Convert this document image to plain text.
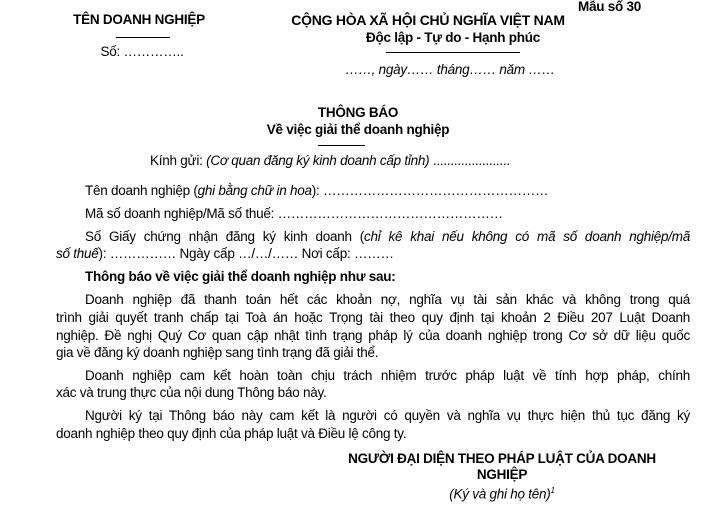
Mẫu số 30
TÊN DOANH NGHIỆP
Số: …………..
CỘNG HÒA XÃ HỘI CHỦ NGHĨA VIỆT NAM
Độc lập - Tự do - Hạnh phúc
……, ngày…… tháng…… năm ……
THÔNG BÁO
Về việc giải thể doanh nghiệp
Kính gửi: (Cơ quan đăng ký kinh doanh cấp tỉnh) ......................
Tên doanh nghiệp (ghi bằng chữ in hoa): ……………………………………………
Mã số doanh nghiệp/Mã số thuế: ……………………………………………
Số Giấy chứng nhận đăng ký kinh doanh (chỉ kê khai nếu không có mã số doanh nghiệp/mã
số thuế): …………… Ngày cấp …/…/…… Nơi cấp: ………
Thông báo về việc giải thể doanh nghiệp như sau:
Doanh nghiệp đã thanh toán hết các khoản nợ, nghĩa vụ tài sản khác và không trong quá
trình giải quyết tranh chấp tại Toà án hoặc Trọng tài theo quy định tại khoản 2 Điều 207 Luật Doanh
nghiệp. Đề nghị Quý Cơ quan cập nhật tình trạng pháp lý của doanh nghiệp trong Cơ sở dữ liệu quốc
gia về đăng ký doanh nghiệp sang tình trạng đã giải thể.
Doanh nghiệp cam kết hoàn toàn chịu trách nhiệm trước pháp luật về tính hợp pháp, chính
xác và trung thực của nội dung Thông báo này.
Người ký tại Thông báo này cam kết là người có quyền và nghĩa vụ thực hiện thủ tục đăng ký
doanh nghiệp theo quy định của pháp luật và Điều lệ công ty.
NGƯỜI ĐẠI DIỆN THEO PHÁP LUẬT CỦA DOANH
NGHIỆP
(Ký và ghi họ tên)$^1$
